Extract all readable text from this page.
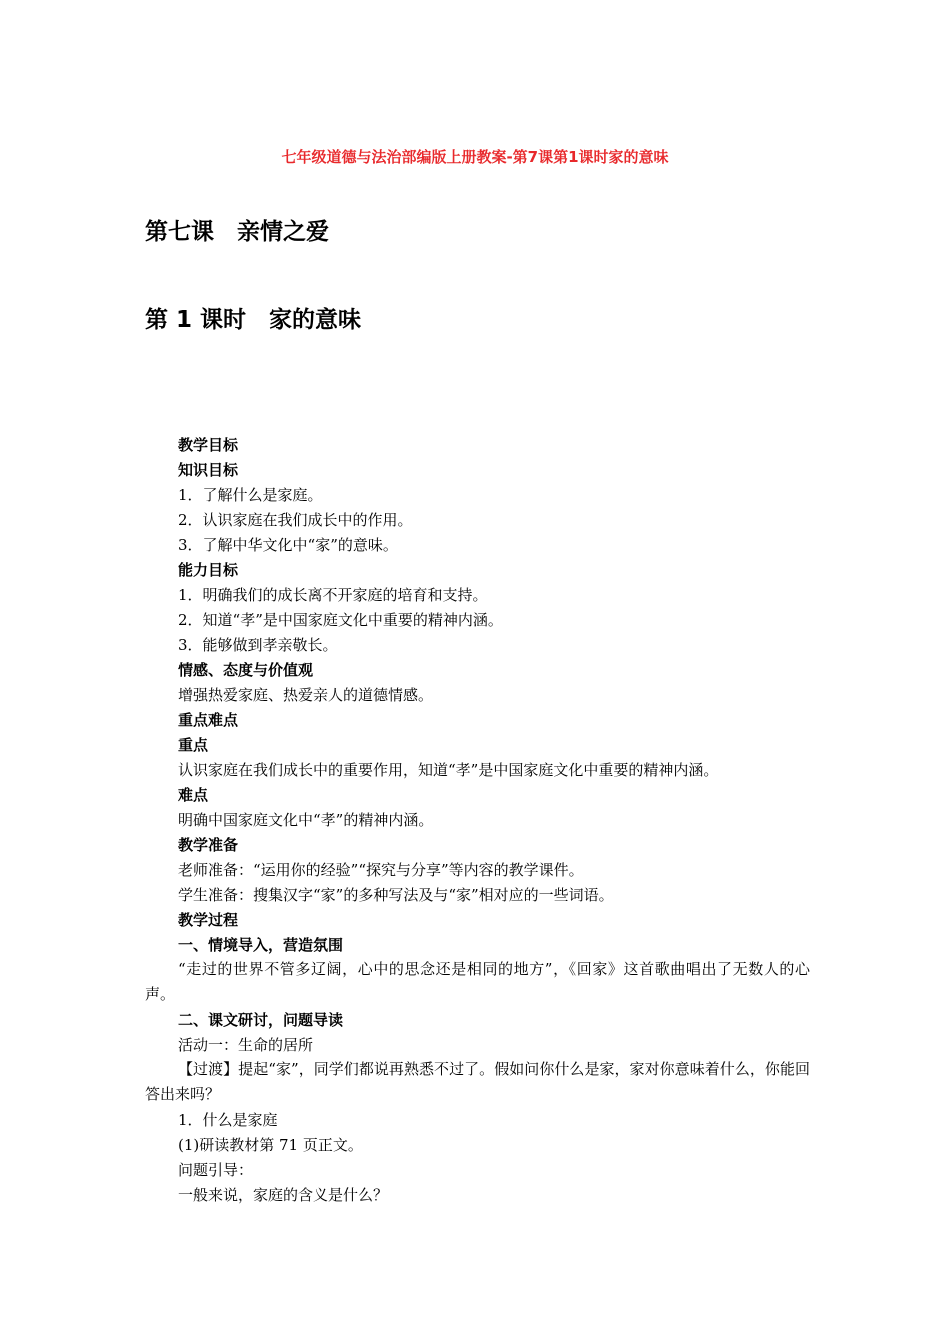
七年级道德与法治部编版上册教案-第7课第1课时家的意味
第七课　亲情之爱
第 1 课时　家的意味
教学目标
知识目标
1．了解什么是家庭。
2．认识家庭在我们成长中的作用。
3．了解中华文化中“家”的意味。
能力目标
1．明确我们的成长离不开家庭的培育和支持。
2．知道“孝”是中国家庭文化中重要的精神内涵。
3．能够做到孝亲敬长。
情感、态度与价值观
增强热爱家庭、热爱亲人的道德情感。
重点难点
重点
认识家庭在我们成长中的重要作用，知道“孝”是中国家庭文化中重要的精神内涵。
难点
明确中国家庭文化中“孝”的精神内涵。
教学准备
老师准备：“运用你的经验”“探究与分享”等内容的教学课件。
学生准备：搜集汉字“家”的多种写法及与“家”相对应的一些词语。
教学过程
一、情境导入，营造氛围
“走过的世界不管多辽阔，心中的思念还是相同的地方”，《回家》这首歌曲唱出了无数人的心声。
二、课文研讨，问题导读
活动一：生命的居所
【过渡】提起“家”，同学们都说再熟悉不过了。假如问你什么是家，家对你意味着什么，你能回答出来吗？
1．什么是家庭
(1)研读教材第 71 页正文。
问题引导：
一般来说，家庭的含义是什么？
